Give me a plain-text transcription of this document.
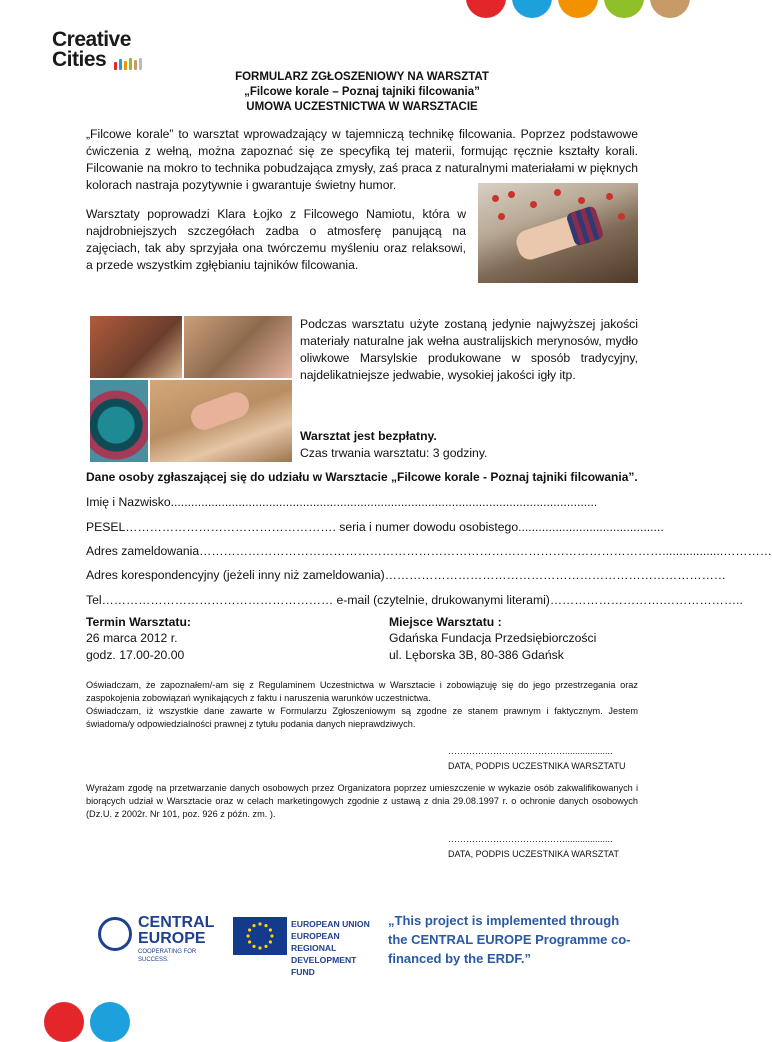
Creative
Cities
FORMULARZ ZGŁOSZENIOWY NA WARSZTAT
„Filcowe korale – Poznaj tajniki filcowania”
UMOWA UCZESTNICTWA W WARSZTACIE
„Filcowe korale” to warsztat wprowadzający w tajemniczą technikę filcowania. Poprzez podstawowe ćwiczenia z wełną, można zapoznać się ze specyfiką tej materii, formując ręcznie kształty korali. Filcowanie na mokro to technika pobudzająca zmysły, zaś praca z naturalnymi materiałami w pięknych kolorach nastraja pozytywnie i gwarantuje świetny humor.
Warsztaty poprowadzi Klara Łojko z Filcowego Namiotu, która w najdrobniejszych szczegółach zadba o atmosferę panującą na zajęciach, tak aby sprzyjała ona twórczemu myśleniu oraz relaksowi, a przede wszystkim zgłębianiu tajników filcowania.
Podczas warsztatu użyte zostaną jedynie najwyższej jakości materiały naturalne jak wełna australijskich merynosów, mydło oliwkowe Marsylskie produkowane w sposób tradycyjny, najdelikatniejsze jedwabie, wysokiej jakości igły itp.
Warsztat jest bezpłatny.
Czas trwania warsztatu: 3 godziny.
Dane osoby zgłaszającej się do udziału w Warsztacie „Filcowe korale - Poznaj tajniki filcowania”.
Imię i Nazwisko..............................................................................................................................
PESEL……………………………………………. seria i numer dowodu osobistego...........................................
Adres zameldowania……………………………………………………………………………………………………..................…………
Adres korespondencyjny (jeżeli inny niż zameldowania)…………………………………………………………………………
Tel………………………………………………… e-mail (czytelnie, drukowanymi literami)……………………….………………..
Termin Warsztatu:
26 marca 2012 r.
godz. 17.00-20.00
Miejsce Warsztatu :
Gdańska Fundacja Przedsiębiorczości
ul. Lęborska 3B, 80-386 Gdańsk
Oświadczam, że zapoznałem/-am się z Regulaminem Uczestnictwa w Warsztacie i zobowiązuję się do jego przestrzegania oraz zaspokojenia zobowiązań wynikających z faktu i naruszenia warunków uczestnictwa.
Oświadczam, iż wszystkie dane zawarte w Formularzu Zgłoszeniowym są zgodne ze stanem prawnym i faktycznym. Jestem świadoma/y odpowiedzialności prawnej z tytułu podania danych nieprawdziwych.
…………………………………...................
DATA, PODPIS UCZESTNIKA WARSZTATU
Wyrażam zgodę na przetwarzanie danych osobowych przez Organizatora poprzez umieszczenie w wykazie osób zakwalifikowanych i biorących udział w Warsztacie oraz w celach marketingowych zgodnie z ustawą z dnia 29.08.1997 r. o ochronie danych osobowych (Dz.U. z 2002r. Nr 101, poz. 926 z późn. zm. ).
…………………………………...................
DATA, PODPIS UCZESTNIKA WARSZTAT
CENTRAL
EUROPE
COOPERATING FOR SUCCESS.
EUROPEAN UNION
EUROPEAN REGIONAL
DEVELOPMENT FUND
„This project is implemented through the CENTRAL EUROPE Programme co-financed by the ERDF.”
